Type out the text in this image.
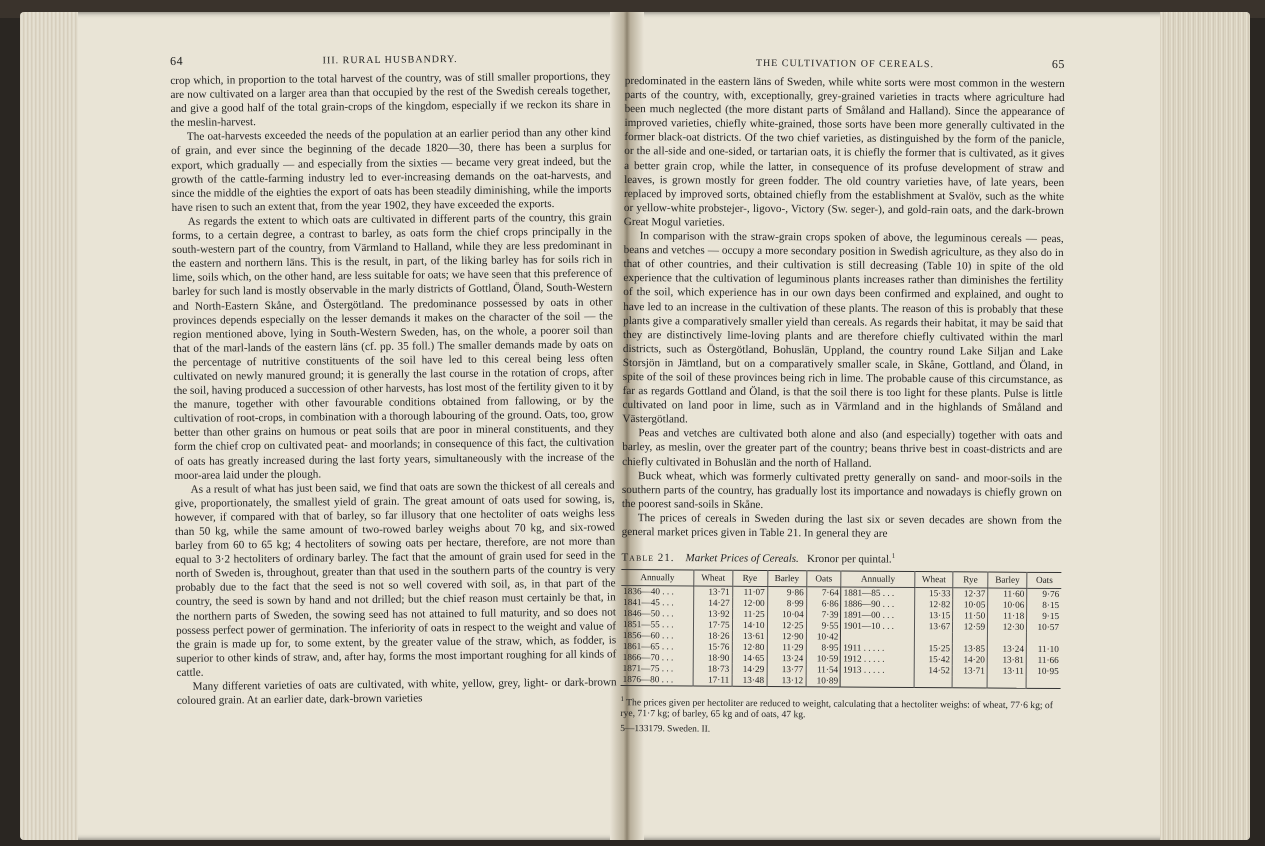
64	III. RURAL HUSBANDRY.

crop which, in proportion to the total harvest of the country, was of still smaller proportions, they are now cultivated on a larger area than that occupied by the rest of the Swedish cereals together, and give a good half of the total grain-crops of the kingdom, especially if we reckon its share in the meslin-harvest.

The oat-harvests exceeded the needs of the population at an earlier period than any other kind of grain, and ever since the beginning of the decade 1820—30, there has been a surplus for export, which gradually — and especially from the sixties — became very great indeed, but the growth of the cattle-farming industry led to ever-increasing demands on the oat-harvests, and since the middle of the eighties the export of oats has been steadily diminishing, while the imports have risen to such an extent that, from the year 1902, they have exceeded the exports.

As regards the extent to which oats are cultivated in different parts of the country, this grain forms, to a certain degree, a contrast to barley, as oats form the chief crops principally in the south-western part of the country, from Värmland to Halland, while they are less predominant in the eastern and northern läns. This is the result, in part, of the liking barley has for soils rich in lime, soils which, on the other hand, are less suitable for oats; we have seen that this preference of barley for such land is mostly observable in the marly districts of Gottland, Öland, South-Western and North-Eastern Skåne, and Östergötland. The predominance possessed by oats in other provinces depends especially on the lesser demands it makes on the character of the soil — the region mentioned above, lying in South-Western Sweden, has, on the whole, a poorer soil than that of the marl-lands of the eastern läns (cf. pp. 35 foll.) The smaller demands made by oats on the percentage of nutritive constituents of the soil have led to this cereal being less often cultivated on newly manured ground; it is generally the last course in the rotation of crops, after the soil, having produced a succession of other harvests, has lost most of the fertility given to it by the manure, together with other favourable conditions obtained from fallowing, or by the cultivation of root-crops, in combination with a thorough labouring of the ground. Oats, too, grow better than other grains on humous or peat soils that are poor in mineral constituents, and they form the chief crop on cultivated peat- and moorlands; in consequence of this fact, the cultivation of oats has greatly increased during the last forty years, simultaneously with the increase of the moor-area laid under the plough.

As a result of what has just been said, we find that oats are sown the thickest of all cereals and give, proportionately, the smallest yield of grain. The great amount of oats used for sowing, is, however, if compared with that of barley, so far illusory that one hectoliter of oats weighs less than 50 kg, while the same amount of two-rowed barley weighs about 70 kg, and six-rowed barley from 60 to 65 kg; 4 hectoliters of sowing oats per hectare, therefore, are not more than equal to 3·2 hectoliters of ordinary barley. The fact that the amount of grain used for seed in the north of Sweden is, throughout, greater than that used in the southern parts of the country is very probably due to the fact that the seed is not so well covered with soil, as, in that part of the country, the seed is sown by hand and not drilled; but the chief reason must certainly be that, in the northern parts of Sweden, the sowing seed has not attained to full maturity, and so does not possess perfect power of germination. The inferiority of oats in respect to the weight and value of the grain is made up for, to some extent, by the greater value of the straw, which, as fodder, is superior to other kinds of straw, and, after hay, forms the most important roughing for all kinds of cattle.

Many different varieties of oats are cultivated, with white, yellow, grey, light- or dark-brown coloured grain. At an earlier date, dark-brown varieties

THE CULTIVATION OF CEREALS.	65

predominated in the eastern läns of Sweden, while white sorts were most common in the western parts of the country, with, exceptionally, grey-grained varieties in tracts where agriculture had been much neglected (the more distant parts of Småland and Halland). Since the appearance of improved varieties, chiefly white-grained, those sorts have been more generally cultivated in the former black-oat districts. Of the two chief varieties, as distinguished by the form of the panicle, or the all-side and one-sided, or tartarian oats, it is chiefly the former that is cultivated, as it gives a better grain crop, while the latter, in consequence of its profuse development of straw and leaves, is grown mostly for green fodder. The old country varieties have, of late years, been replaced by improved sorts, obtained chiefly from the establishment at Svalöv, such as the white or yellow-white probstejer-, ligovo-, Victory (Sw. seger-), and gold-rain oats, and the dark-brown Great Mogul varieties.

In comparison with the straw-grain crops spoken of above, the leguminous cereals — peas, beans and vetches — occupy a more secondary position in Swedish agriculture, as they also do in that of other countries, and their cultivation is still decreasing (Table 10) in spite of the old experience that the cultivation of leguminous plants increases rather than diminishes the fertility of the soil, which experience has in our own days been confirmed and explained, and ought to have led to an increase in the cultivation of these plants. The reason of this is probably that these plants give a comparatively smaller yield than cereals. As regards their habitat, it may be said that they are distinctively lime-loving plants and are therefore chiefly cultivated within the marl districts, such as Östergötland, Bohuslän, Uppland, the country round Lake Siljan and Lake Storsjön in Jämtland, but on a comparatively smaller scale, in Skåne, Gottland, and Öland, in spite of the soil of these provinces being rich in lime. The probable cause of this circumstance, as far as regards Gottland and Öland, is that the soil there is too light for these plants. Pulse is little cultivated on land poor in lime, such as in Värmland and in the highlands of Småland and Västergötland.

Peas and vetches are cultivated both alone and also (and especially) together with oats and barley, as meslin, over the greater part of the country; beans thrive best in coast-districts and are chiefly cultivated in Bohuslän and the north of Halland.

Buck wheat, which was formerly cultivated pretty generally on sand- and moor-soils in the southern parts of the country, has gradually lost its importance and nowadays is chiefly grown on the poorest sand-soils in Skåne.

The prices of cereals in Sweden during the last six or seven decades are shown from the general market prices given in Table 21. In general they are

Table 21. Market Prices of Cereals. Kronor per quintal.$^1$
Annually	Wheat	Rye	Barley	Oats	Annually	Wheat	Rye	Barley	Oats
1836—40 . . .	13·71	11·07	9·86	7·64	1881—85 . . .	15·33	12·37	11·60	9·76
1841—45 . . .	14·27	12·00	8·99	6·86	1886—90 . . .	12·82	10·05	10·06	8·15
1846—50 . . .	13·92	11·25	10·04	7·39	1891—00 . . .	13·15	11·50	11·18	9·15
1851—55 . . .	17·75	14·10	12·25	9·55	1901—10 . . .	13·67	12·59	12·30	10·57
1856—60 . . .	18·26	13·61	12·90	10·42					
1861—65 . . .	15·76	12·80	11·29	8·95	1911 . . . . .	15·25	13·85	13·24	11·10
1866—70 . . .	18·90	14·65	13·24	10·59	1912 . . . . .	15·42	14·20	13·81	11·66
1871—75 . . .	18·73	14·29	13·77	11·54	1913 . . . . .	14·52	13·71	13·11	10·95
1876—80 . . .	17·11	13·48	13·12	10·89					
$^1$ The prices given per hectoliter are reduced to weight, calculating that a hectoliter weighs: of wheat, 77·6 kg; of rye, 71·7 kg; of barley, 65 kg and of oats, 47 kg.
5—133179. Sweden. II.
